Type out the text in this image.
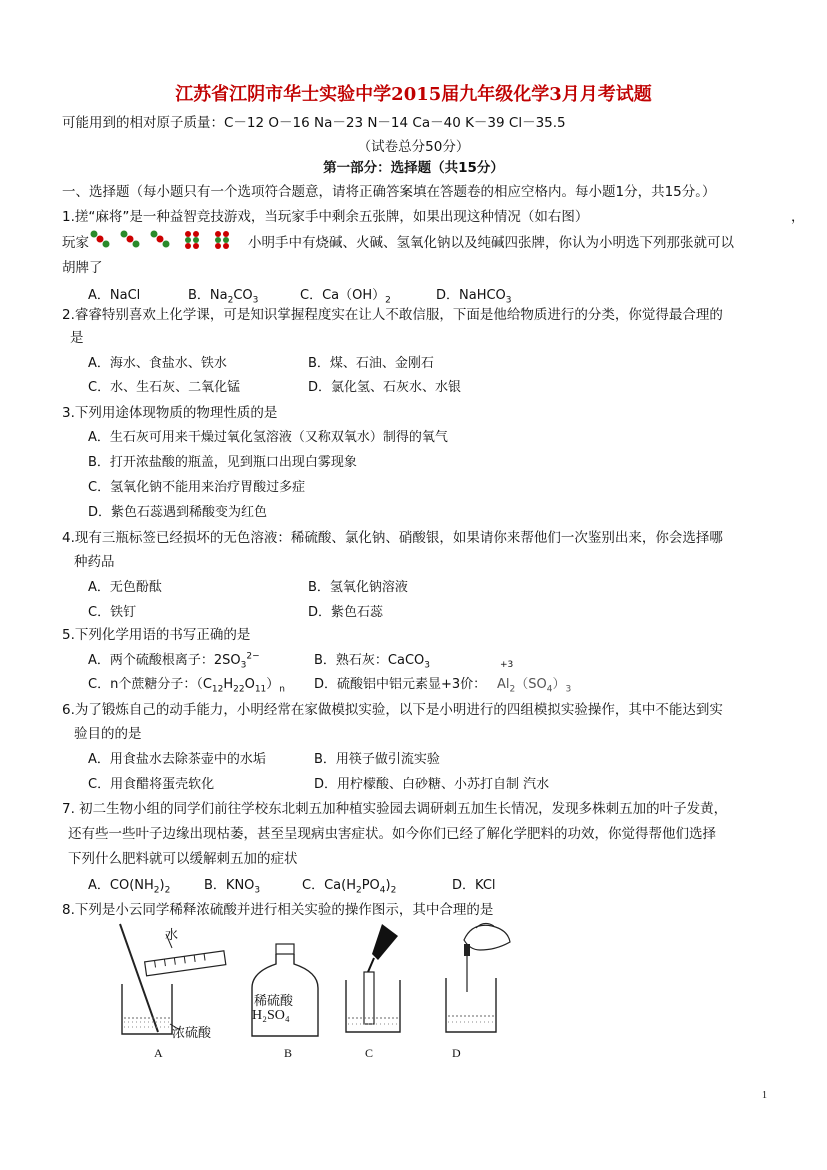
江苏省江阴市华士实验中学2015届九年级化学3月月考试题
可能用到的相对原子质量：C－12 O－16 Na－23 N－14 Ca－40 K－39 Cl－35.5
（试卷总分50分）
第一部分：选择题（共15分）
一、选择题（每小题只有一个选项符合题意，请将正确答案填在答题卷的相应空格内。每小题1分，共15分。）
1.搓“麻将”是一种益智竞技游戏，当玩家手中剩余五张牌，如果出现这种情况（如右图）	，
玩家	小明手中有烧碱、火碱、氢氧化钠以及纯碱四张牌，你认为小明选下列那张就可以
胡牌了
A．NaCl	B．$Na_2CO_3$	C．$Ca(OH)_2$	D．NaHCO$_3$
2.睿睿特别喜欢上化学课，可是知识掌握程度实在让人不敢信服，下面是他给物质进行的分类，你觉得最合理的
是
A．海水、食盐水、铁水	B．煤、石油、金刚石
C．水、生石灰、二氧化锰	D．氯化氢、石灰水、水银
3.下列用途体现物质的物理性质的是
A．生石灰可用来干燥过氧化氢溶液（又称双氧水）制得的氧气
B．打开浓盐酸的瓶盖，见到瓶口出现白雾现象
C．氢氧化钠不能用来治疗胃酸过多症
D．紫色石蕊遇到稀酸变为红色
4.现有三瓶标签已经损坏的无色溶液：稀硫酸、氯化钠、硝酸银，如果请你来帮他们一次鉴别出来，你会选择哪
种药品
A．无色酚酞	B．氢氧化钠溶液
C．铁钉	D．紫色石蕊
5.下列化学用语的书写正确的是
A．两个硫酸根离子：$2SO_3^{2-}$	B．熟石灰：CaCO$_3$
C．n个蔗糖分子：$(C_{12}H_{22}O_{11})_n$ D．硫酸铝中铝元素显+3价：
+3
$Al_2(SO_4)_3$
6.为了锻炼自己的动手能力，小明经常在家做模拟实验，以下是小明进行的四组模拟实验操作，其中不能达到实
验目的的是
A．用食盐水去除茶壶中的水垢	B．用筷子做引流实验
C．用食醋将蛋壳软化	D．用柠檬酸、白砂糖、小苏打自制 汽水
7. 初二生物小组的同学们前往学校东北刺五加种植实验园去调研刺五加生长情况，发现多株刺五加的叶子发黄，
还有些一些叶子边缘出现枯萎，甚至呈现病虫害症状。如今你们已经了解化学肥料的功效，你觉得帮他们选择
下列什么肥料就可以缓解刺五加的症状
A．$CO(NH_2)_2$	B．$KNO_3$	C．$Ca(H_2PO_4)_2$	D．KCl
8.下列是小云同学稀释浓硫酸并进行相关实验的操作图示，其中合理的是
水
浓硫酸
稀硫酸
H₂SO₄
A	B	C	D
1
